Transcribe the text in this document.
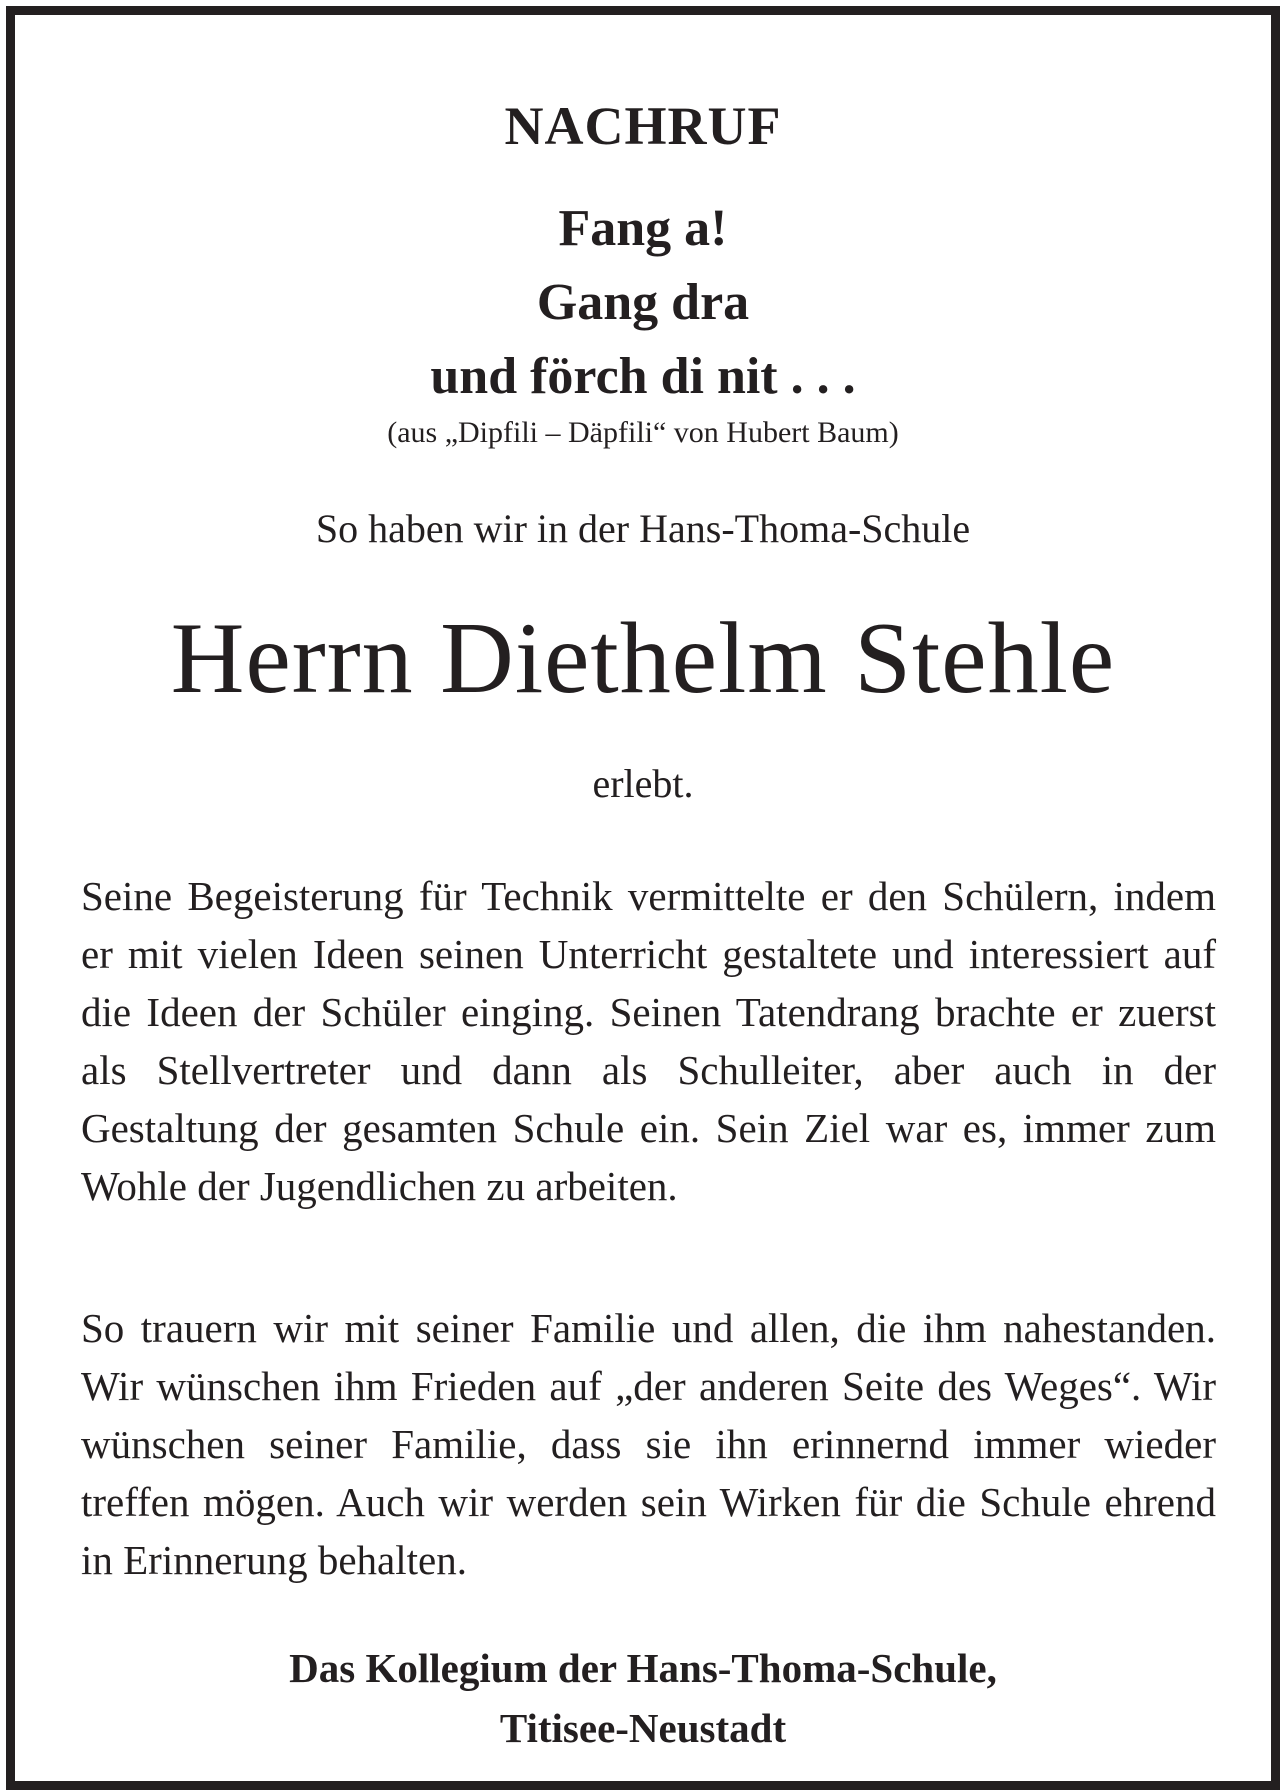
NACHRUF
Fang a!
Gang dra
und förch di nit . . .
(aus „Dipfili – Däpfili“ von Hubert Baum)
So haben wir in der Hans-Thoma-Schule
Herrn Diethelm Stehle
erlebt.

Seine Begeisterung für Technik vermittelte er den Schülern, indem er mit vielen Ideen seinen Unterricht gestaltete und interessiert auf die Ideen der Schüler einging. Seinen Tatendrang brachte er zuerst als Stellvertreter und dann als Schulleiter, aber auch in der Gestaltung der gesamten Schule ein. Sein Ziel war es, immer zum Wohle der Jugendlichen zu arbeiten.

So trauern wir mit seiner Familie und allen, die ihm nahestanden. Wir wünschen ihm Frieden auf „der anderen Seite des Weges“. Wir wünschen seiner Familie, dass sie ihn erinnernd immer wieder treffen mögen. Auch wir werden sein Wirken für die Schule ehrend in Erinnerung behalten.

Das Kollegium der Hans-Thoma-Schule,
Titisee-Neustadt
